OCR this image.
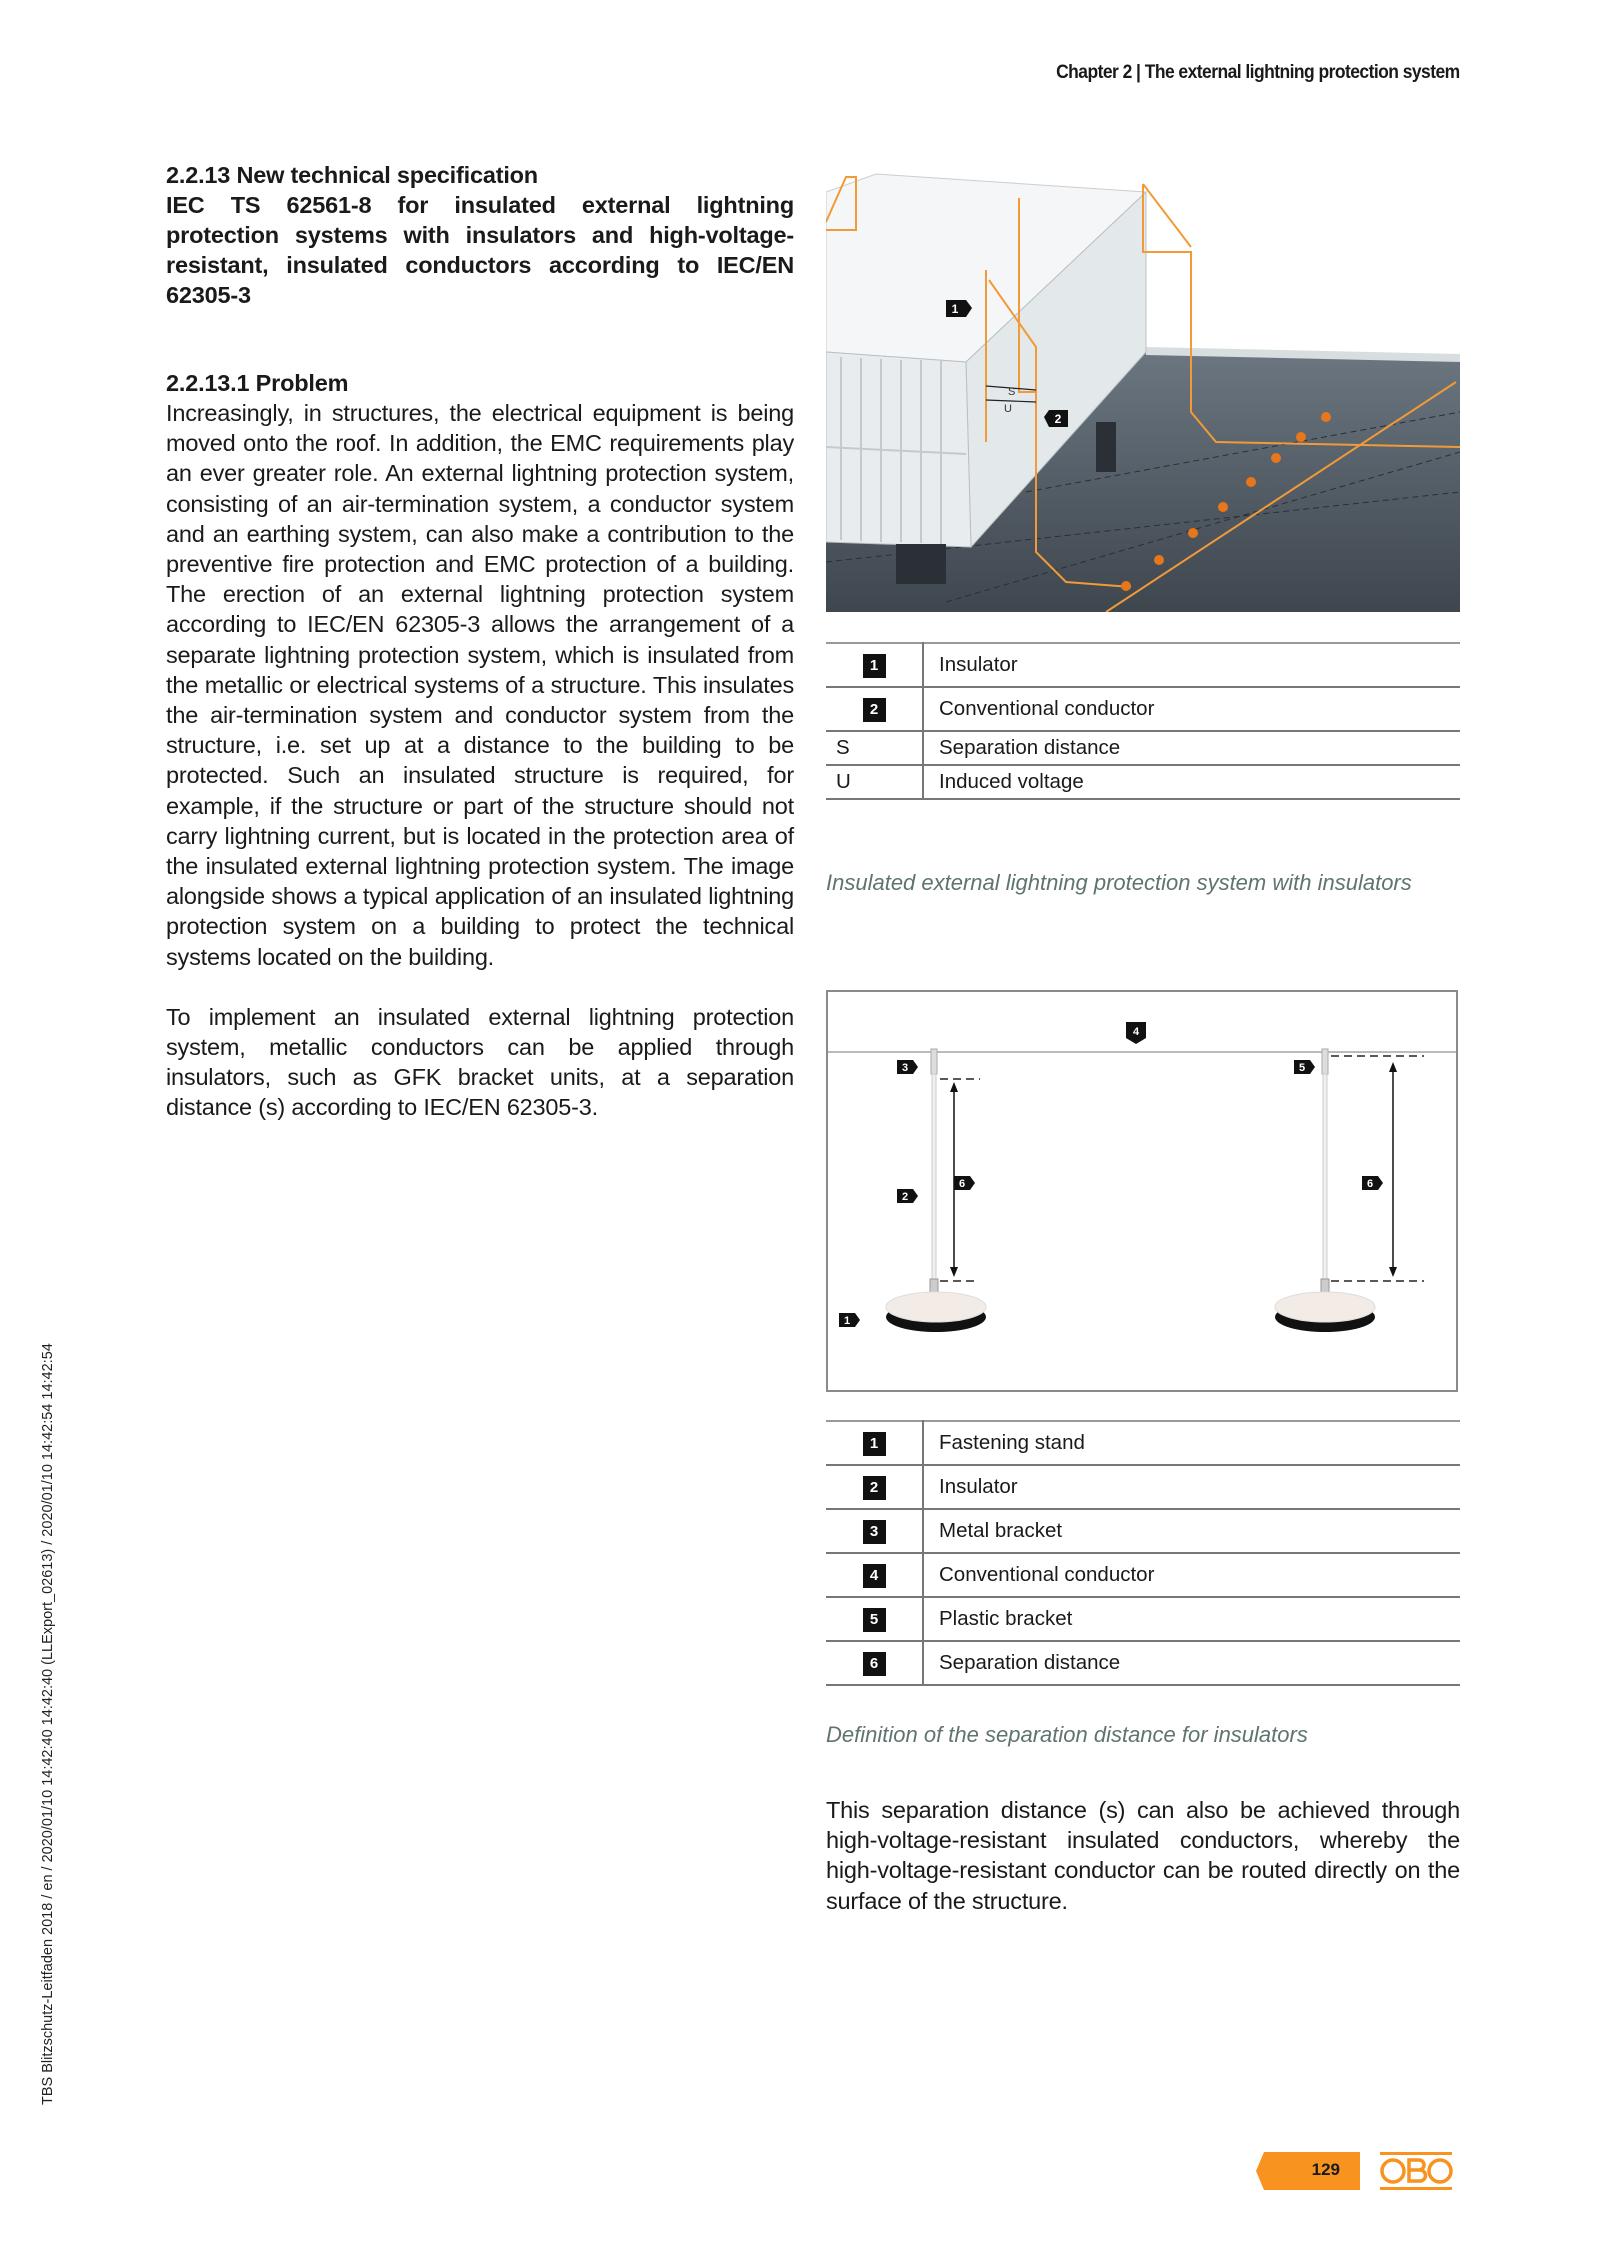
Chapter 2 | The external lightning protection system

2.2.13 New technical specification
IEC TS 62561-8 for insulated external lightning protection systems with insulators and high-voltage-resistant, insulated conductors according to IEC/EN 62305-3

2.2.13.1 Problem

Increasingly, in structures, the electrical equipment is being moved onto the roof. In addition, the EMC requirements play an ever greater role. An external lightning protection system, consisting of an air-termination system, a conductor system and an earthing system, can also make a contribution to the preventive fire protection and EMC protection of a building. The erection of an external lightning protection system according to IEC/EN 62305-3 allows the arrangement of a separate lightning protection system, which is insulated from the metallic or electrical systems of a structure. This insulates the air-termination system and conductor system from the structure, i.e. set up at a distance to the building to be protected. Such an insulated structure is required, for example, if the structure or part of the structure should not carry lightning current, but is located in the protection area of the insulated external lightning protection system. The image alongside shows a typical application of an insulated lightning protection system on a building to protect the technical systems located on the building.

To implement an insulated external lightning protection system, metallic conductors can be applied through insulators, such as GFK bracket units, at a separation distance (s) according to IEC/EN 62305-3.

S
U
1
2
1	Insulator
2	Conventional conductor
S	Separation distance
U	Induced voltage
Insulated external lightning protection system with insulators
4
3	5
6	6
2
1
1	Fastening stand
2	Insulator
3	Metal bracket
4	Conventional conductor
5	Plastic bracket
6	Separation distance
Definition of the separation distance for insulators
This separation distance (s) can also be achieved through high-voltage-resistant insulated conductors, whereby the high-voltage-resistant conductor can be routed directly on the surface of the structure.
TBS Blitzschutz-Leitfaden 2018 / en / 2020/01/10 14:42:40 14:42:40 (LLExport_02613) / 2020/01/10 14:42:54 14:42:54
129
